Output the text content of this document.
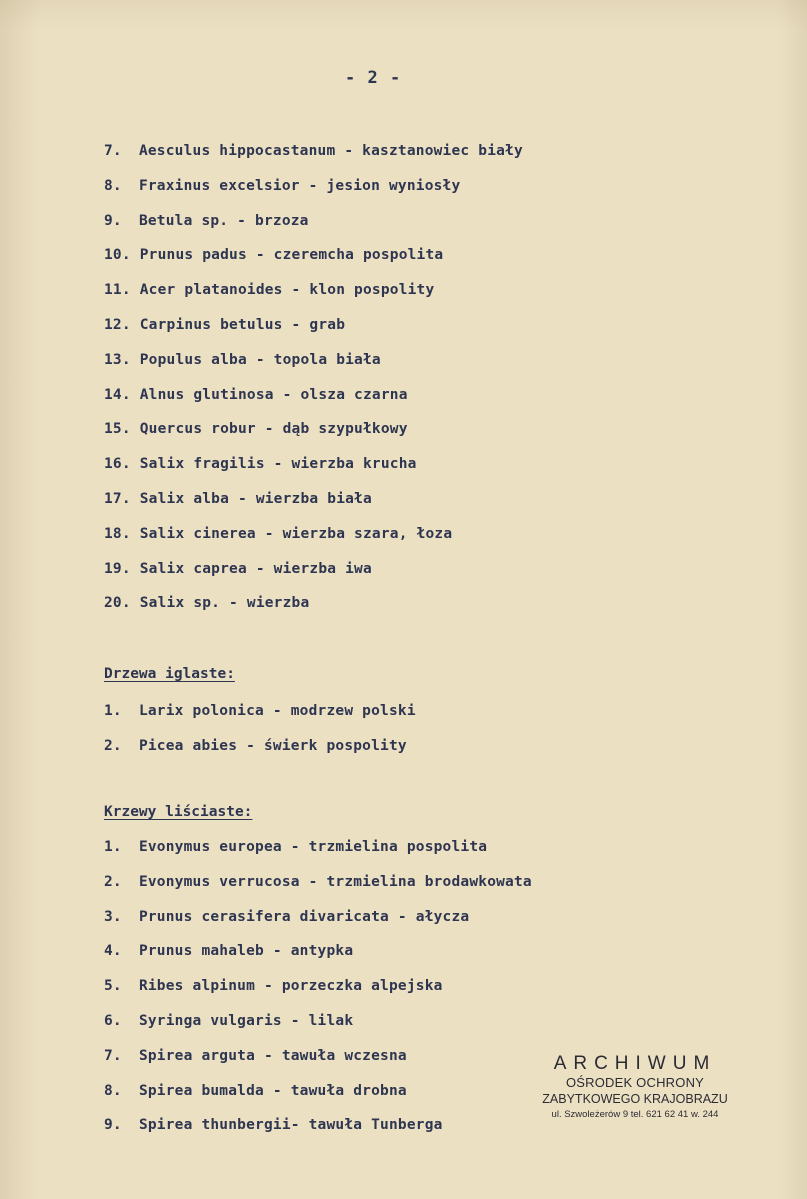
- 2 -
7. Aesculus hippocastanum - kasztanowiec biały
8. Fraxinus excelsior - jesion wyniosły
9. Betula sp. - brzoza
10. Prunus padus - czeremcha pospolita
11. Acer platanoides - klon pospolity
12. Carpinus betulus - grab
13. Populus alba - topola biała
14. Alnus glutinosa - olsza czarna
15. Quercus robur - dąb szypułkowy
16. Salix fragilis - wierzba krucha
17. Salix alba - wierzba biała
18. Salix cinerea - wierzba szara, łoza
19. Salix caprea - wierzba iwa
20. Salix sp. - wierzba
Drzewa iglaste:
1. Larix polonica - modrzew polski
2. Picea abies - świerk pospolity
Krzewy liściaste:
1. Evonymus europea - trzmielina pospolita
2. Evonymus verrucosa - trzmielina brodawkowata
3. Prunus cerasifera divaricata - ałycza
4. Prunus mahaleb - antypka
5. Ribes alpinum - porzeczka alpejska
6. Syringa vulgaris - lilak
7. Spirea arguta - tawuła wczesna
8. Spirea bumalda - tawuła drobna
9. Spirea thunbergii- tawuła Tunberga
ARCHIWUM
OŚRODEK OCHRONY
ZABYTKOWEGO KRAJOBRAZU
ul. Szwoleżerów 9 tel. 621 62 41 w. 244
